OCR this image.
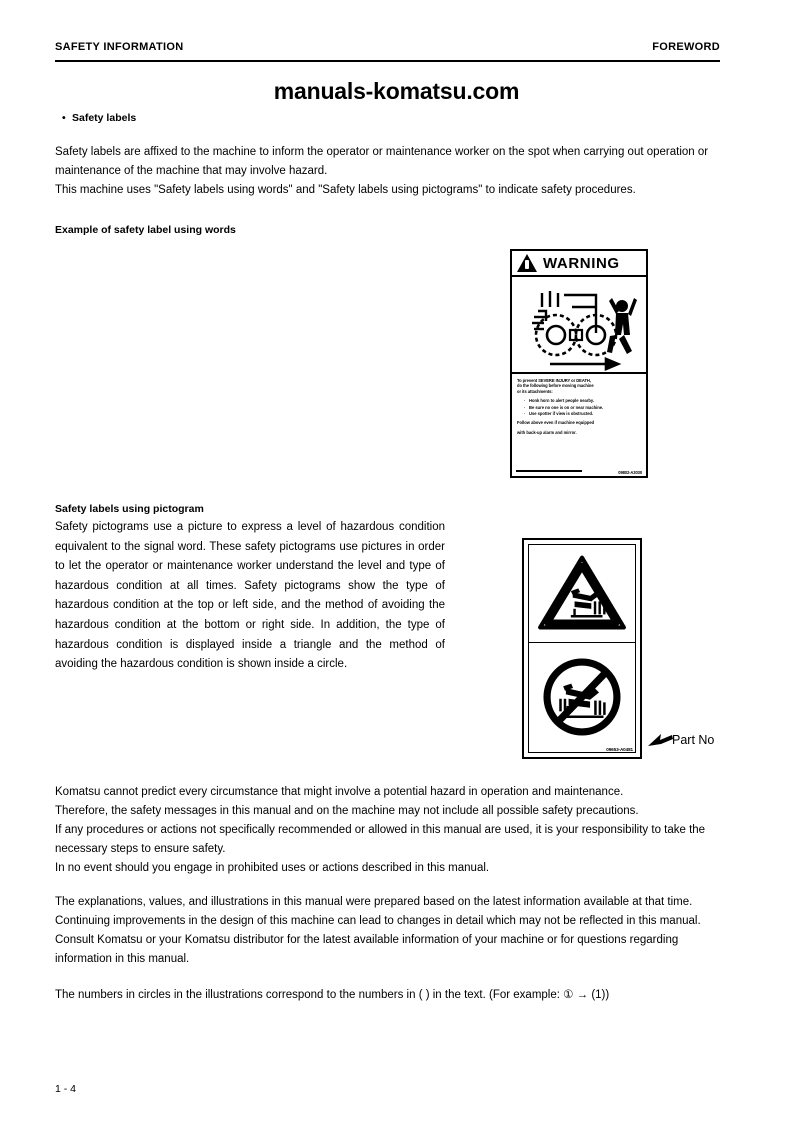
SAFETY INFORMATION	FOREWORD
manuals-komatsu.com
• Safety labels

Safety labels are affixed to the machine to inform the operator or maintenance worker on the spot when carrying out operation or maintenance of the machine that may involve hazard.

This machine uses "Safety labels using words" and "Safety labels using pictograms" to indicate safety procedures.

Example of safety label using words
WARNING
To prevent SEVERE INJURY or DEATH,
do the following before moving machine
or its attachments:
· Honk horn to alert people nearby.
· Be sure no one is on or near machine.
· Use spotter if view is obstructed.
Follow above even if machine equipped
with back-up alarm and mirror.
09802-A3030
Safety labels using pictogram
Safety pictograms use a picture to express a level of hazardous condition equivalent to the signal word. These safety pictograms use pictures in order to let the operator or maintenance worker understand the level and type of hazardous condition at all times. Safety pictograms show the type of hazardous condition at the top or left side, and the method of avoiding the hazardous condition at the bottom or right side. In addition, the type of hazardous condition is displayed inside a triangle and the method of avoiding the hazardous condition is shown inside a circle.
09653-A0481
Part No

Komatsu cannot predict every circumstance that might involve a potential hazard in operation and maintenance.

Therefore, the safety messages in this manual and on the machine may not include all possible safety precautions.

If any procedures or actions not specifically recommended or allowed in this manual are used, it is your responsibility to take the necessary steps to ensure safety.

In no event should you engage in prohibited uses or actions described in this manual.

The explanations, values, and illustrations in this manual were prepared based on the latest information available at that time. Continuing improvements in the design of this machine can lead to changes in detail which may not be reflected in this manual. Consult Komatsu or your Komatsu distributor for the latest available information of your machine or for questions regarding information in this manual.
The numbers in circles in the illustrations correspond to the numbers in ( ) in the text. (For example: ① → (1))
1 - 4
